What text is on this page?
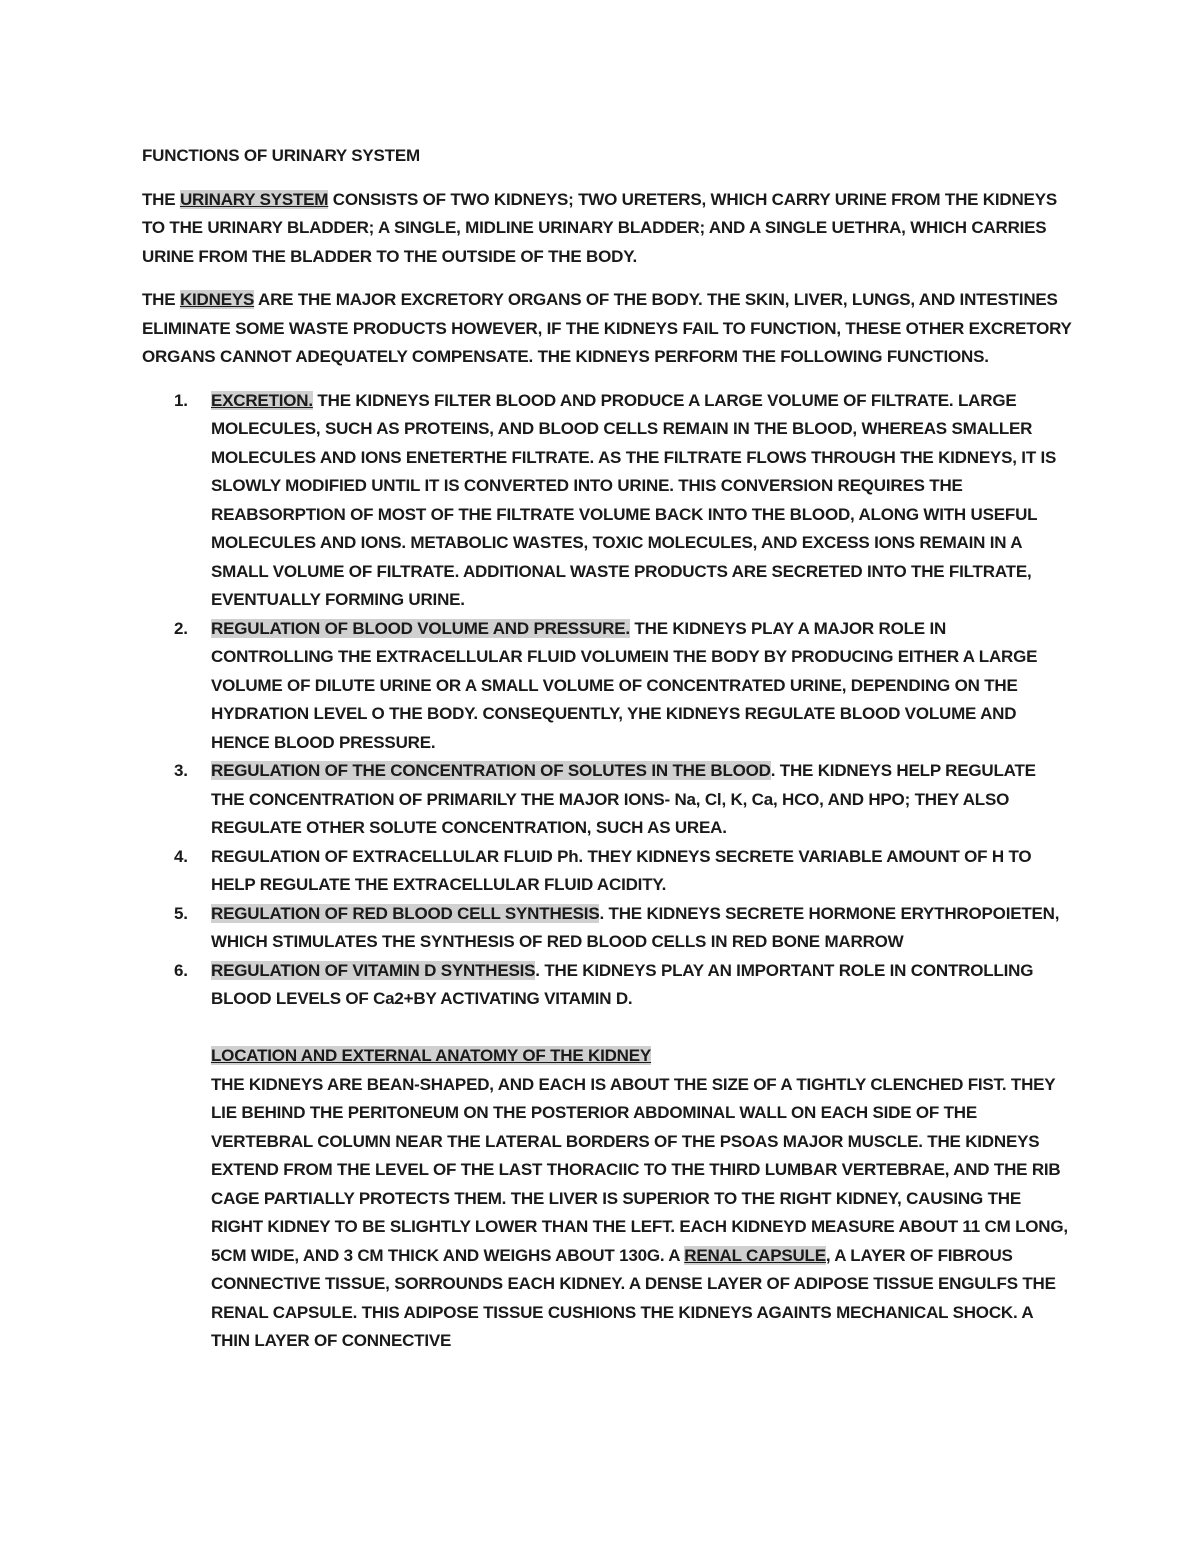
FUNCTIONS OF URINARY SYSTEM

THE URINARY SYSTEM CONSISTS OF TWO KIDNEYS; TWO URETERS, WHICH CARRY URINE FROM THE KIDNEYS TO THE URINARY BLADDER; A SINGLE, MIDLINE URINARY BLADDER; AND A SINGLE UETHRA, WHICH CARRIES URINE FROM THE BLADDER TO THE OUTSIDE OF THE BODY.

THE KIDNEYS ARE THE MAJOR EXCRETORY ORGANS OF THE BODY. THE SKIN, LIVER, LUNGS, AND INTESTINES ELIMINATE SOME WASTE PRODUCTS HOWEVER, IF THE KIDNEYS FAIL TO FUNCTION, THESE OTHER EXCRETORY ORGANS CANNOT ADEQUATELY COMPENSATE. THE KIDNEYS PERFORM THE FOLLOWING FUNCTIONS.

1. EXCRETION. THE KIDNEYS FILTER BLOOD AND PRODUCE A LARGE VOLUME OF FILTRATE. LARGE MOLECULES, SUCH AS PROTEINS, AND BLOOD CELLS REMAIN IN THE BLOOD, WHEREAS SMALLER MOLECULES AND IONS ENETERTHE FILTRATE. AS THE FILTRATE FLOWS THROUGH THE KIDNEYS, IT IS SLOWLY MODIFIED UNTIL IT IS CONVERTED INTO URINE. THIS CONVERSION REQUIRES THE REABSORPTION OF MOST OF THE FILTRATE VOLUME BACK INTO THE BLOOD, ALONG WITH USEFUL MOLECULES AND IONS. METABOLIC WASTES, TOXIC MOLECULES, AND EXCESS IONS REMAIN IN A SMALL VOLUME OF FILTRATE. ADDITIONAL WASTE PRODUCTS ARE SECRETED INTO THE FILTRATE, EVENTUALLY FORMING URINE.
2. REGULATION OF BLOOD VOLUME AND PRESSURE. THE KIDNEYS PLAY A MAJOR ROLE IN CONTROLLING THE EXTRACELLULAR FLUID VOLUMEIN THE BODY BY PRODUCING EITHER A LARGE VOLUME OF DILUTE URINE OR A SMALL VOLUME OF CONCENTRATED URINE, DEPENDING ON THE HYDRATION LEVEL O THE BODY. CONSEQUENTLY, YHE KIDNEYS REGULATE BLOOD VOLUME AND HENCE BLOOD PRESSURE.
3. REGULATION OF THE CONCENTRATION OF SOLUTES IN THE BLOOD. THE KIDNEYS HELP REGULATE THE CONCENTRATION OF PRIMARILY THE MAJOR IONS- Na, Cl, K, Ca, HCO, AND HPO; THEY ALSO REGULATE OTHER SOLUTE CONCENTRATION, SUCH AS UREA.
4. REGULATION OF EXTRACELLULAR FLUID Ph. THEY KIDNEYS SECRETE VARIABLE AMOUNT OF H TO HELP REGULATE THE EXTRACELLULAR FLUID ACIDITY.
5. REGULATION OF RED BLOOD CELL SYNTHESIS. THE KIDNEYS SECRETE HORMONE ERYTHROPOIETEN, WHICH STIMULATES THE SYNTHESIS OF RED BLOOD CELLS IN RED BONE MARROW
6. REGULATION OF VITAMIN D SYNTHESIS. THE KIDNEYS PLAY AN IMPORTANT ROLE IN CONTROLLING BLOOD LEVELS OF Ca2+BY ACTIVATING VITAMIN D.
LOCATION AND EXTERNAL ANATOMY OF THE KIDNEY
THE KIDNEYS ARE BEAN-SHAPED, AND EACH IS ABOUT THE SIZE OF A TIGHTLY CLENCHED FIST. THEY LIE BEHIND THE PERITONEUM ON THE POSTERIOR ABDOMINAL WALL ON EACH SIDE OF THE VERTEBRAL COLUMN NEAR THE LATERAL BORDERS OF THE PSOAS MAJOR MUSCLE. THE KIDNEYS EXTEND FROM THE LEVEL OF THE LAST THORACIIC TO THE THIRD LUMBAR VERTEBRAE, AND THE RIB CAGE PARTIALLY PROTECTS THEM. THE LIVER IS SUPERIOR TO THE RIGHT KIDNEY, CAUSING THE RIGHT KIDNEY TO BE SLIGHTLY LOWER THAN THE LEFT. EACH KIDNEYD MEASURE ABOUT 11 CM LONG, 5CM WIDE, AND 3 CM THICK AND WEIGHS ABOUT 130G. A RENAL CAPSULE, A LAYER OF FIBROUS CONNECTIVE TISSUE, SORROUNDS EACH KIDNEY. A DENSE LAYER OF ADIPOSE TISSUE ENGULFS THE RENAL CAPSULE. THIS ADIPOSE TISSUE CUSHIONS THE KIDNEYS AGAINTS MECHANICAL SHOCK. A THIN LAYER OF CONNECTIVE
